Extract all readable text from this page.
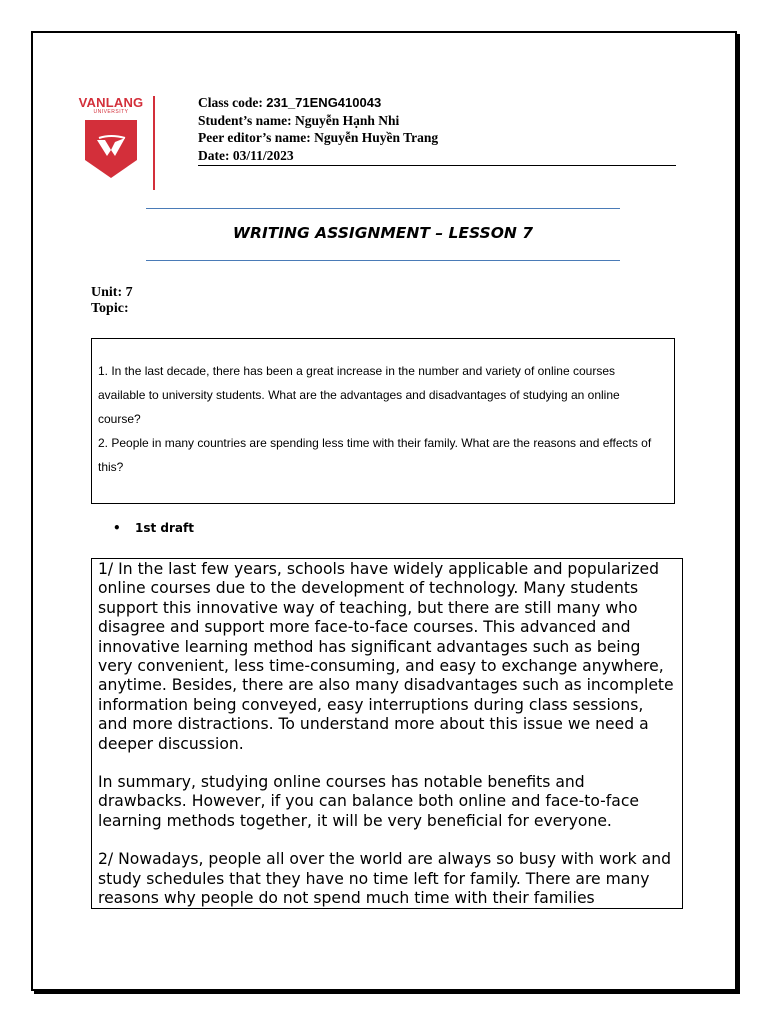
VANLANG
UNIVERSITY
Class code: 231_71ENG410043
Student’s name: Nguyễn Hạnh Nhi
Peer editor’s name: Nguyễn Huyền Trang
Date: 03/11/2023
WRITING ASSIGNMENT – LESSON 7
Unit: 7
Topic:
1. In the last decade, there has been a great increase in the number and variety of online courses available to university students. What are the advantages and disadvantages of studying an online course?
2. People in many countries are spending less time with their family. What are the reasons and effects of this?
• 1st draft

1/ In the last few years, schools have widely applicable and popularized online courses due to the development of technology. Many students support this innovative way of teaching, but there are still many who disagree and support more face-to-face courses. This advanced and innovative learning method has significant advantages such as being very convenient, less time-consuming, and easy to exchange anywhere, anytime. Besides, there are also many disadvantages such as incomplete information being conveyed, easy interruptions during class sessions, and more distractions. To understand more about this issue we need a deeper discussion.

In summary, studying online courses has notable benefits and drawbacks. However, if you can balance both online and face-to-face learning methods together, it will be very beneficial for everyone.

2/ Nowadays, people all over the world are always so busy with work and study schedules that they have no time left for family. There are many reasons why people do not spend much time with their families
